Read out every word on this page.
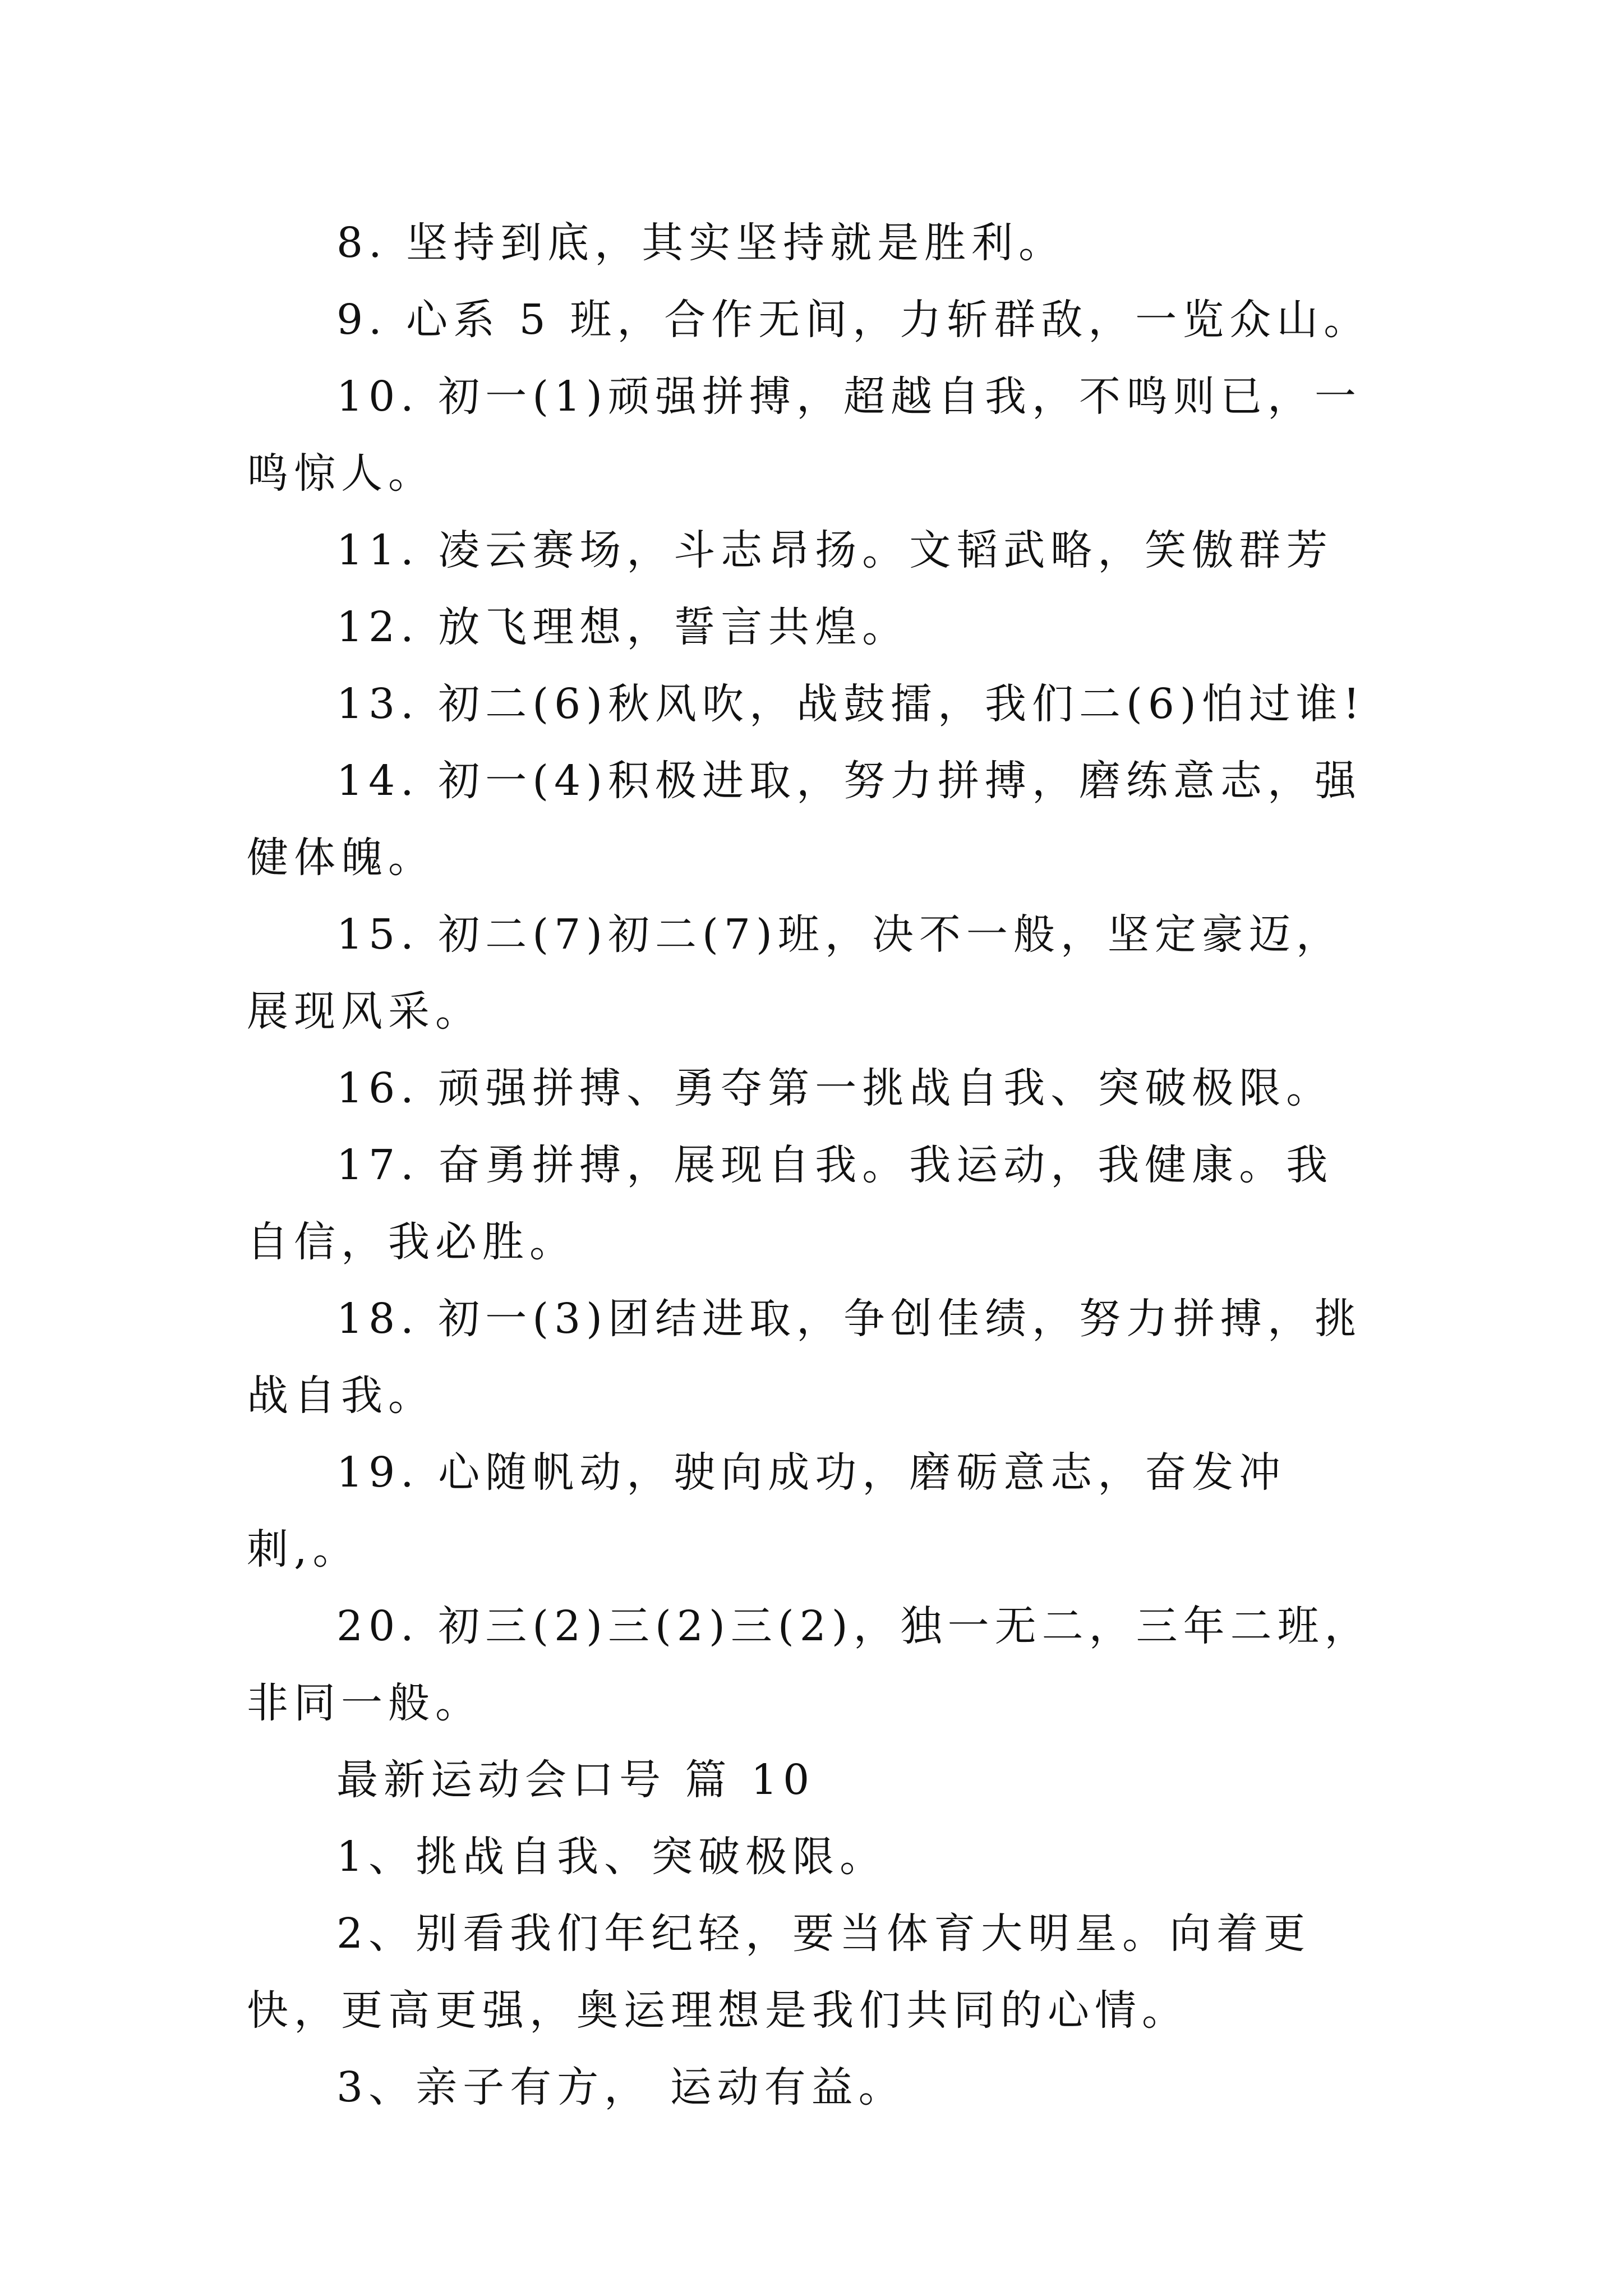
8. 坚持到底，其实坚持就是胜利。

9. 心系 5 班，合作无间，力斩群敌，一览众山。

10. 初一(1)顽强拼搏，超越自我，不鸣则已，一鸣惊人。

11. 凌云赛场，斗志昂扬。文韬武略，笑傲群芳

12. 放飞理想，誓言共煌。

13. 初二(6)秋风吹，战鼓擂，我们二(6)怕过谁!

14. 初一(4)积极进取，努力拼搏，磨练意志，强健体魄。

15. 初二(7)初二(7)班，决不一般，坚定豪迈，展现风采。

16. 顽强拼搏、勇夺第一挑战自我、突破极限。

17. 奋勇拼搏，展现自我。我运动，我健康。我自信，我必胜。

18. 初一(3)团结进取，争创佳绩，努力拼搏，挑战自我。

19. 心随帆动，驶向成功，磨砺意志，奋发冲刺,。

20. 初三(2)三(2)三(2)，独一无二，三年二班，非同一般。

最新运动会口号 篇 10

1、挑战自我、突破极限。

2、别看我们年纪轻，要当体育大明星。向着更快，更高更强，奥运理想是我们共同的心情。

3、亲子有方， 运动有益。
